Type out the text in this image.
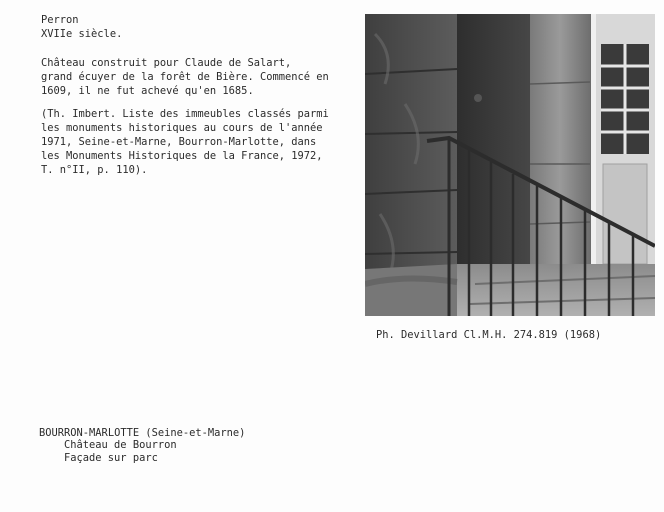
Perron
XVIIe siècle.
Château construit pour Claude de Salart,
grand écuyer de la forêt de Bière. Commencé en
1609, il ne fut achevé qu'en 1685.
(Th. Imbert. Liste des immeubles classés parmi
les monuments historiques au cours de l'année
1971, Seine-et-Marne, Bourron-Marlotte, dans
les Monuments Historiques de la France, 1972,
T. n°II, p. 110).
Ph. Devillard Cl.M.H. 274.819 (1968)
BOURRON-MARLOTTE (Seine-et-Marne)
Château de Bourron
Façade sur parc
